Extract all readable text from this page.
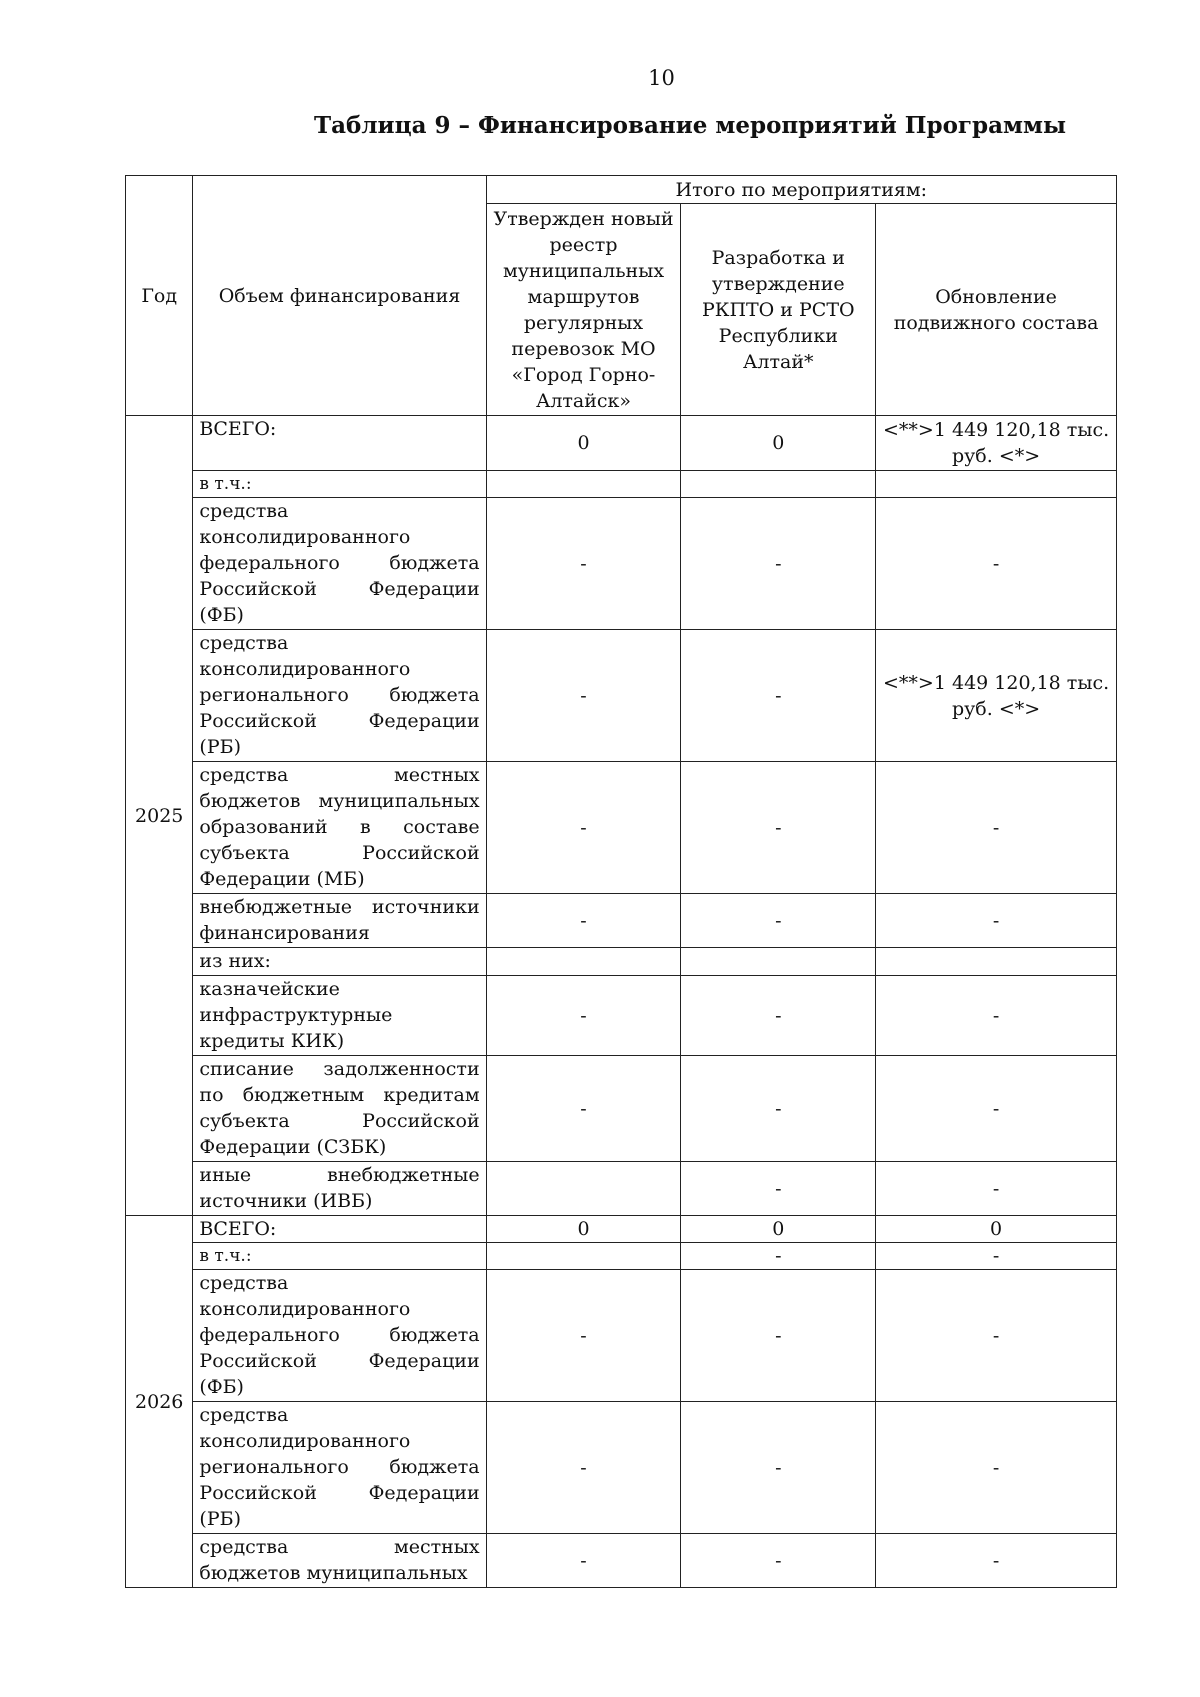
10
Таблица 9 – Финансирование мероприятий Программы
Год	Объем финансирования	Итого по мероприятиям:		
		Утвержден новый реестр муниципальных маршрутов регулярных перевозок МО «Город Горно-Алтайск»	Разработка и утверждение РКПТО и РСТО Республики Алтай*	Обновление подвижного состава
2025	ВСЕГО:	0	0	<**>1 449 120,18 тыс. руб. <*>
	в т.ч.:			
	средства консолидированного федерального бюджета Российской Федерации (ФБ)	-	-	-
	средства консолидированного регионального бюджета Российской Федерации (РБ)	-	-	<**>1 449 120,18 тыс. руб. <*>
	средства местных бюджетов муниципальных образований в составе субъекта Российской Федерации (МБ)	-	-	-
	внебюджетные источники финансирования	-	-	-
	из них:			
	казначейские инфраструктурные кредиты КИК)	-	-	-
	списание задолженности по бюджетным кредитам субъекта Российской Федерации (СЗБК)	-	-	-
	иные внебюджетные источники (ИВБ)		-	-
2026	ВСЕГО:	0	0	0
	в т.ч.:		-	-
	средства консолидированного федерального бюджета Российской Федерации (ФБ)	-	-	-
	средства консолидированного регионального бюджета Российской Федерации (РБ)	-	-	-
	средства местных бюджетов муниципальных	-	-	-
